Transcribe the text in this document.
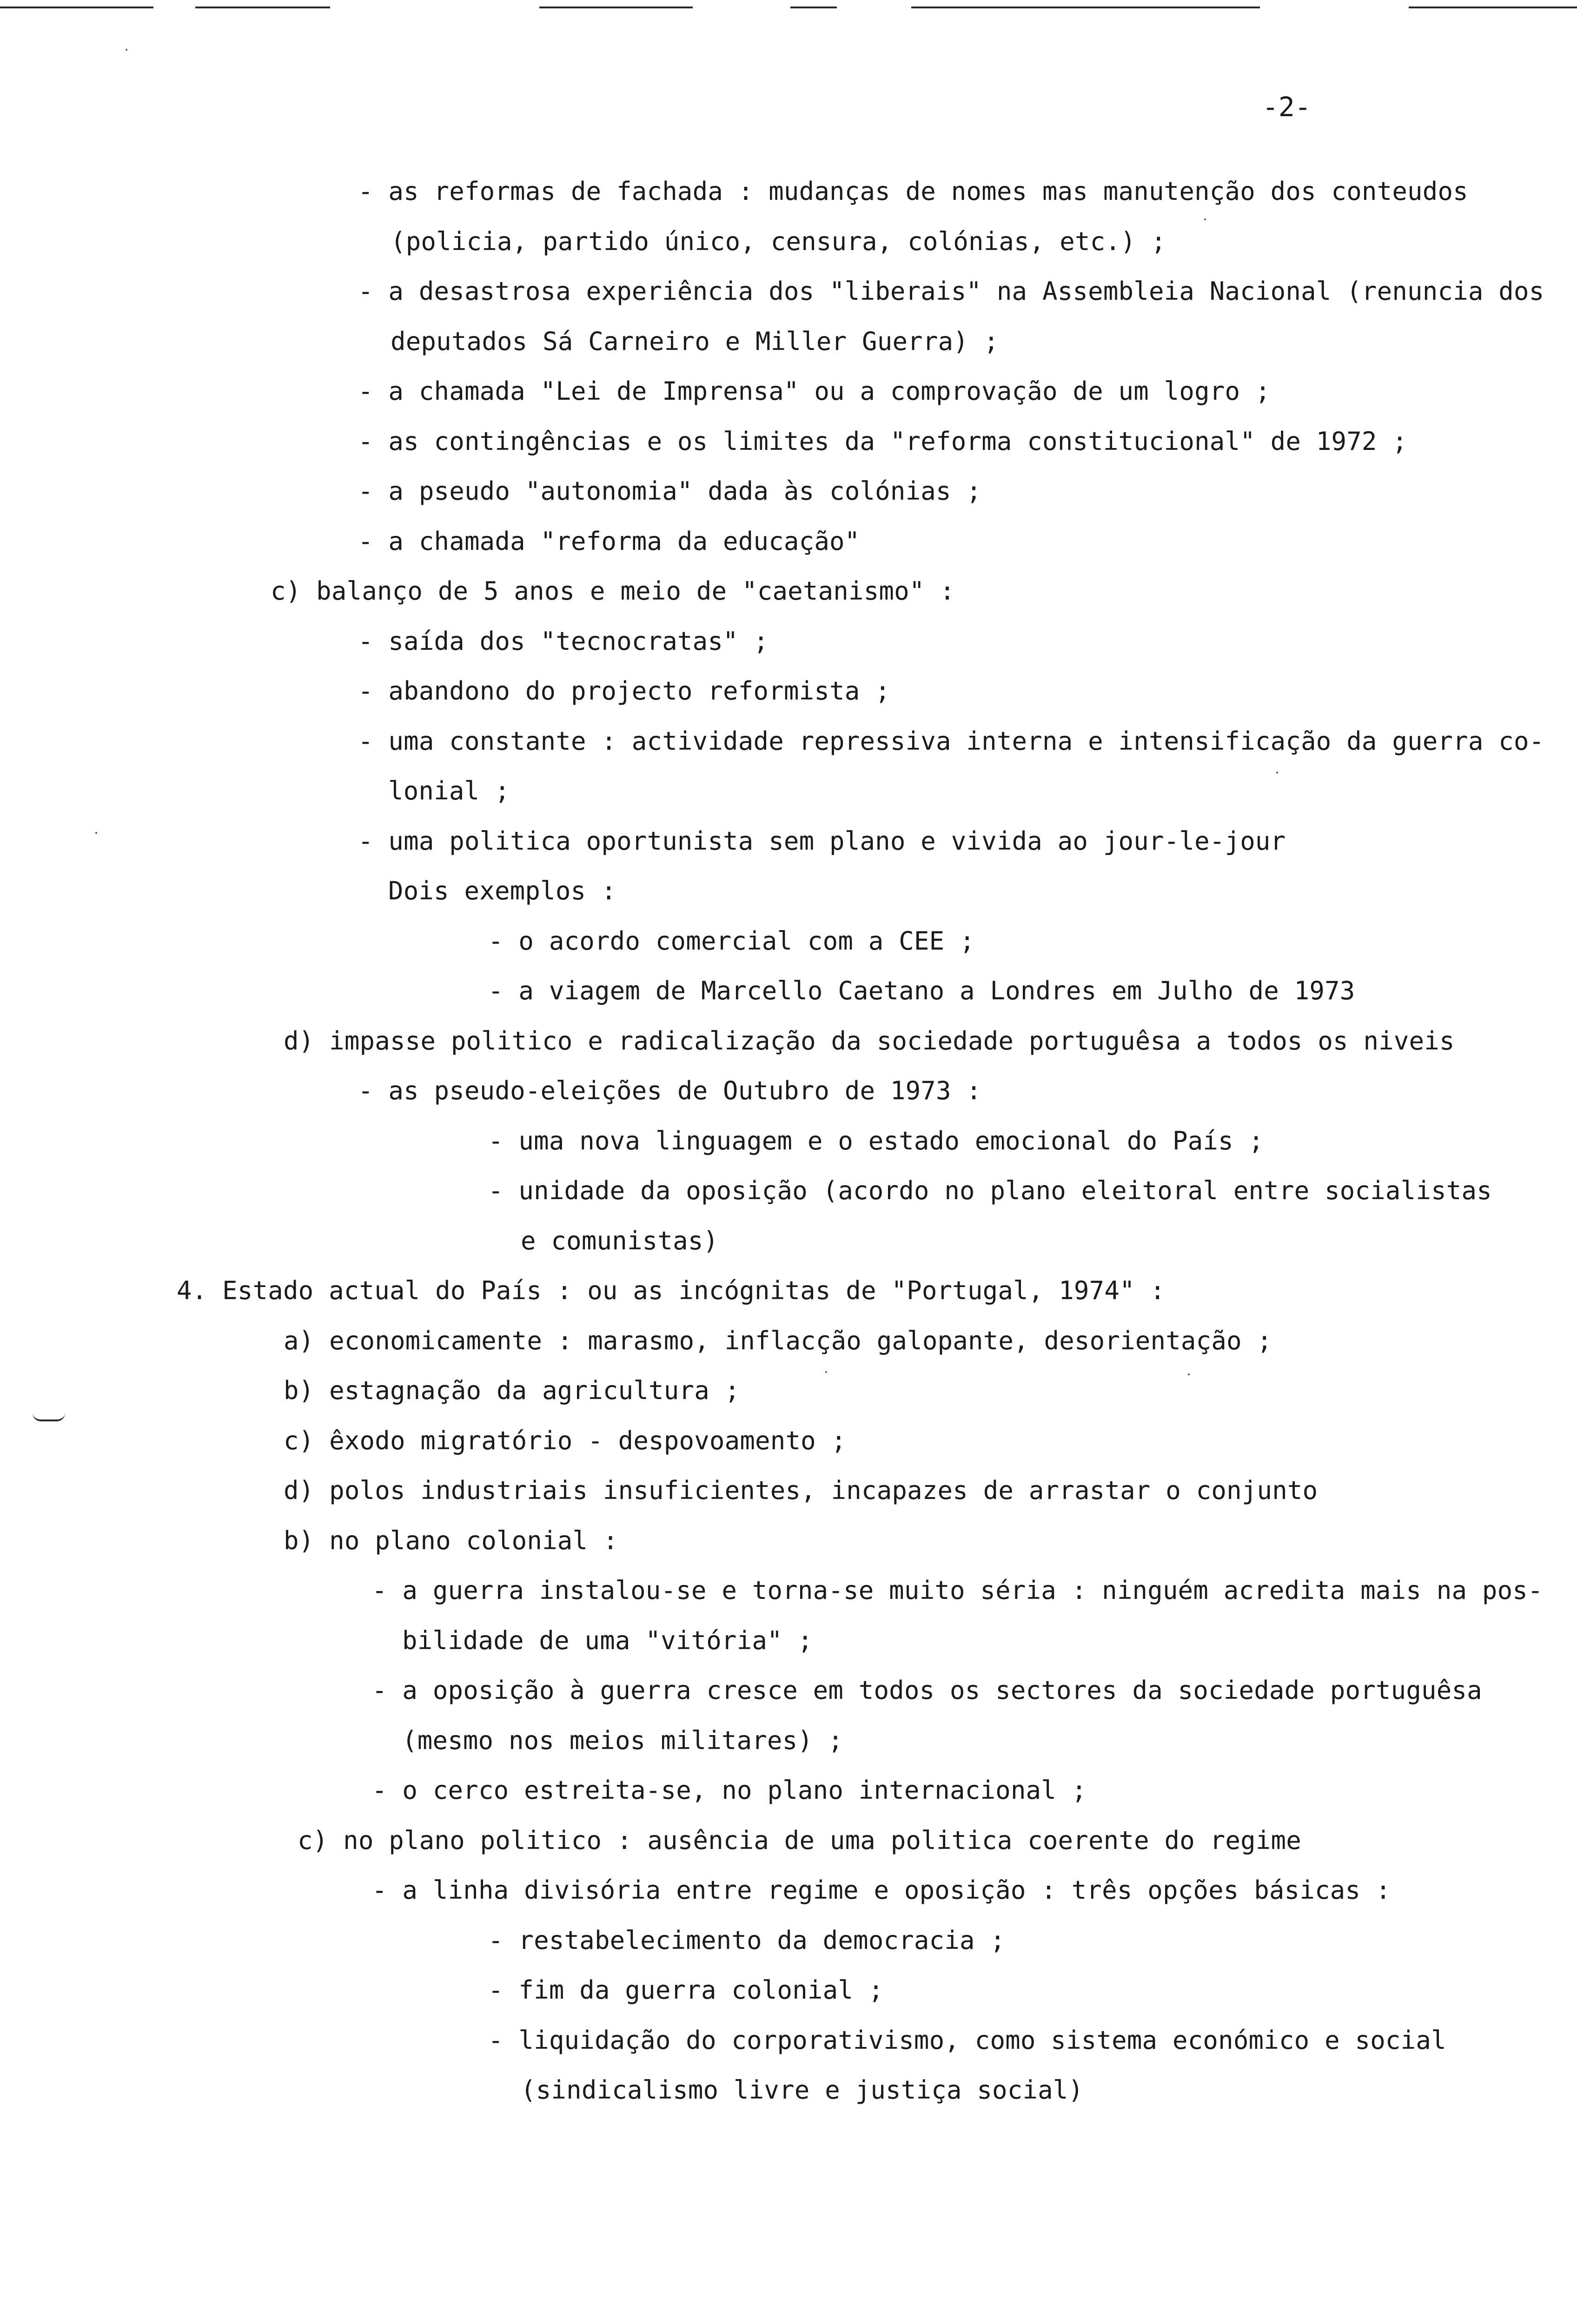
-2-
- as reformas de fachada : mudanças de nomes mas manutenção dos conteudos
(policia, partido único, censura, colónias, etc.) ;
- a desastrosa experiência dos "liberais" na Assembleia Nacional (renuncia dos
deputados Sá Carneiro e Miller Guerra) ;
- a chamada "Lei de Imprensa" ou a comprovação de um logro ;
- as contingências e os limites da "reforma constitucional" de 1972 ;
- a pseudo "autonomia" dada às colónias ;
- a chamada "reforma da educação"
c) balanço de 5 anos e meio de "caetanismo" :
- saída dos "tecnocratas" ;
- abandono do projecto reformista ;
- uma constante : actividade repressiva interna e intensificação da guerra co-
lonial ;
- uma politica oportunista sem plano e vivida ao jour-le-jour
Dois exemplos :
- o acordo comercial com a CEE ;
- a viagem de Marcello Caetano a Londres em Julho de 1973
d) impasse politico e radicalização da sociedade portuguêsa a todos os niveis
- as pseudo-eleições de Outubro de 1973 :
- uma nova linguagem e o estado emocional do País ;
- unidade da oposição (acordo no plano eleitoral entre socialistas
e comunistas)
4. Estado actual do País : ou as incógnitas de "Portugal, 1974" :
a) economicamente : marasmo, inflacção galopante, desorientação ;
b) estagnação da agricultura ;
c) êxodo migratório - despovoamento ;
d) polos industriais insuficientes, incapazes de arrastar o conjunto
b) no plano colonial :
- a guerra instalou-se e torna-se muito séria : ninguém acredita mais na pos-
bilidade de uma "vitória" ;
- a oposição à guerra cresce em todos os sectores da sociedade portuguêsa
(mesmo nos meios militares) ;
- o cerco estreita-se, no plano internacional ;
c) no plano politico : ausência de uma politica coerente do regime
- a linha divisória entre regime e oposição : três opções básicas :
- restabelecimento da democracia ;
- fim da guerra colonial ;
- liquidação do corporativismo, como sistema económico e social
(sindicalismo livre e justiça social)
